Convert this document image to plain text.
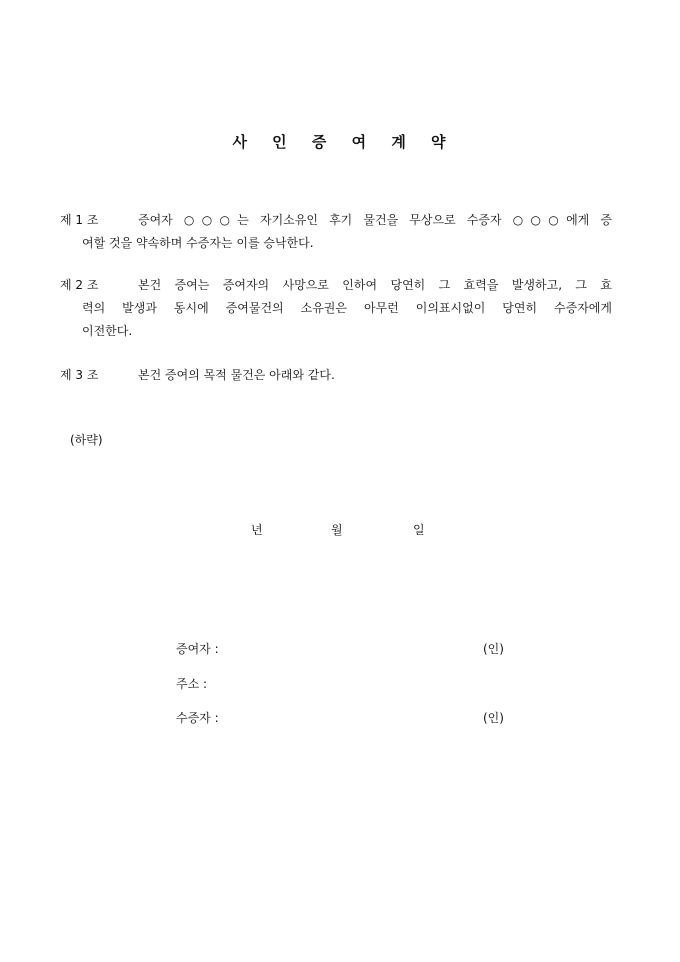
사 인 증 여 계 약
제 1 조	증여자 ○○○는 자기소유인 후기 물건을 무상으로 수증자 ○○○에게 증
여할 것을 약속하며 수증자는 이를 승낙한다.
제 2 조	본건 증여는 증여자의 사망으로 인하여 당연히 그 효력을 발생하고, 그 효
력의 발생과 동시에 증여물건의 소유권은 아무런 이의표시없이 당연히 수증자에게
이전한다.
제 3 조	본건 증여의 목적 물건은 아래와 같다.
(하략)
년	월	일
증여자 :	(인)
주소 :
수증자 :	(인)
